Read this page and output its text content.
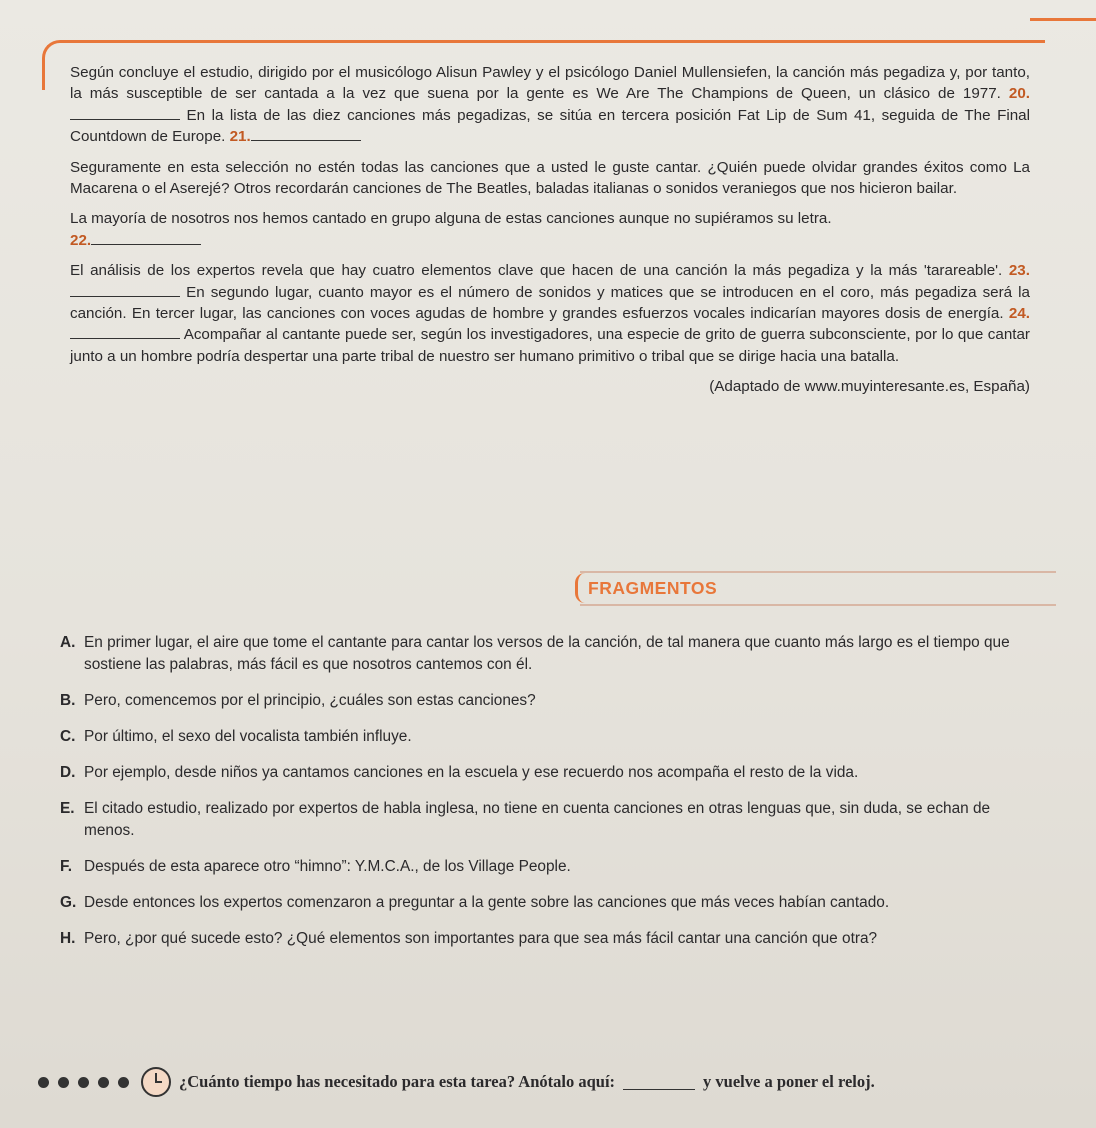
Según concluye el estudio, dirigido por el musicólogo Alisun Pawley y el psicólogo Daniel Mullensiefen, la canción más pegadiza y, por tanto, la más susceptible de ser cantada a la vez que suena por la gente es We Are The Champions de Queen, un clásico de 1977. 20. En la lista de las diez canciones más pegadizas, se sitúa en tercera posición Fat Lip de Sum 41, seguida de The Final Countdown de Europe. 21.

Seguramente en esta selección no estén todas las canciones que a usted le guste cantar. ¿Quién puede olvidar grandes éxitos como La Macarena o el Aserejé? Otros recordarán canciones de The Beatles, baladas italianas o sonidos veraniegos que nos hicieron bailar.

La mayoría de nosotros nos hemos cantado en grupo alguna de estas canciones aunque no supiéramos su letra.
22.

El análisis de los expertos revela que hay cuatro elementos clave que hacen de una canción la más pegadiza y la más 'tarareable'. 23. En segundo lugar, cuanto mayor es el número de sonidos y matices que se introducen en el coro, más pegadiza será la canción. En tercer lugar, las canciones con voces agudas de hombre y grandes esfuerzos vocales indicarían mayores dosis de energía. 24. Acompañar al cantante puede ser, según los investigadores, una especie de grito de guerra subconsciente, por lo que cantar junto a un hombre podría despertar una parte tribal de nuestro ser humano primitivo o tribal que se dirige hacia una batalla.

(Adaptado de www.muyinteresante.es, España)
FRAGMENTOS
A. En primer lugar, el aire que tome el cantante para cantar los versos de la canción, de tal manera que cuanto más largo es el tiempo que sostiene las palabras, más fácil es que nosotros cantemos con él.
B. Pero, comencemos por el principio, ¿cuáles son estas canciones?
C. Por último, el sexo del vocalista también influye.
D. Por ejemplo, desde niños ya cantamos canciones en la escuela y ese recuerdo nos acompaña el resto de la vida.
E. El citado estudio, realizado por expertos de habla inglesa, no tiene en cuenta canciones en otras lenguas que, sin duda, se echan de menos.
F. Después de esta aparece otro “himno”: Y.M.C.A., de los Village People.
G. Desde entonces los expertos comenzaron a preguntar a la gente sobre las canciones que más veces habían cantado.
H. Pero, ¿por qué sucede esto? ¿Qué elementos son importantes para que sea más fácil cantar una canción que otra?
¿Cuánto tiempo has necesitado para esta tarea? Anótalo aquí:	y vuelve a poner el reloj.
